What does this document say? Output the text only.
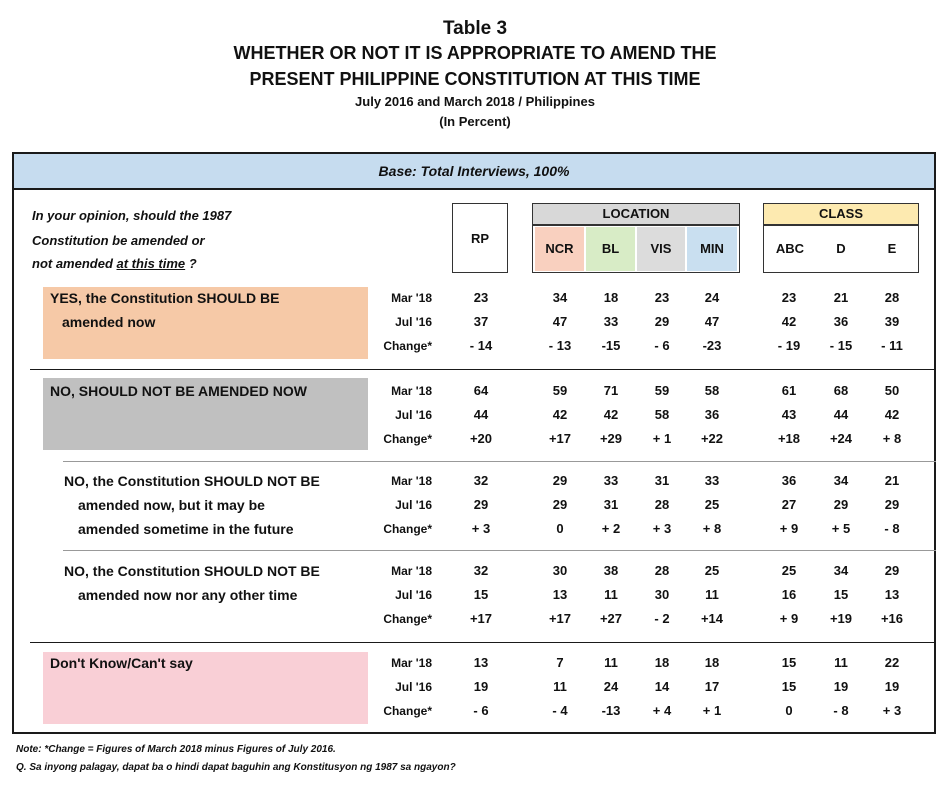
Table 3
WHETHER OR NOT IT IS APPROPRIATE TO AMEND THE
PRESENT PHILIPPINE CONSTITUTION AT THIS TIME
July 2016 and March 2018 / Philippines
(In Percent)
Base: Total Interviews, 100%
In your opinion, should the 1987
Constitution be amended or
not amended at this time ?
RP
LOCATION
NCR	BL	VIS	MIN
CLASS
ABC	D	E
YES, the Constitution SHOULD BE
amended now
Mar '18	23	34	18	23	24	23	21	28
Jul '16	37	47	33	29	47	42	36	39
Change*	- 14	- 13	-15	- 6	-23	- 19	- 15	- 11
NO, SHOULD NOT BE AMENDED NOW	Mar '18	64	59	71	59	58	61	68	50
Jul '16	44	42	42	58	36	43	44	42
Change*	+20	+17	+29	+ 1	+22	+18	+24	+ 8
NO, the Constitution SHOULD NOT BE
amended now, but it may be
amended sometime in the future
Mar '18	32	29	33	31	33	36	34	21
Jul '16	29	29	31	28	25	27	29	29
Change*	+ 3	0	+ 2	+ 3	+ 8	+ 9	+ 5	- 8
NO, the Constitution SHOULD NOT BE
amended now nor any other time
Mar '18	32	30	38	28	25	25	34	29
Jul '16	15	13	11	30	11	16	15	13
Change*	+17	+17	+27	- 2	+14	+ 9	+19	+16
Don't Know/Can't say	Mar '18	13	7	11	18	18	15	11	22
Jul '16	19	11	24	14	17	15	19	19
Change*	- 6	- 4	-13	+ 4	+ 1	0	- 8	+ 3
Note: *Change = Figures of March 2018 minus Figures of July 2016.
Q. Sa inyong palagay, dapat ba o hindi dapat baguhin ang Konstitusyon ng 1987 sa ngayon?
